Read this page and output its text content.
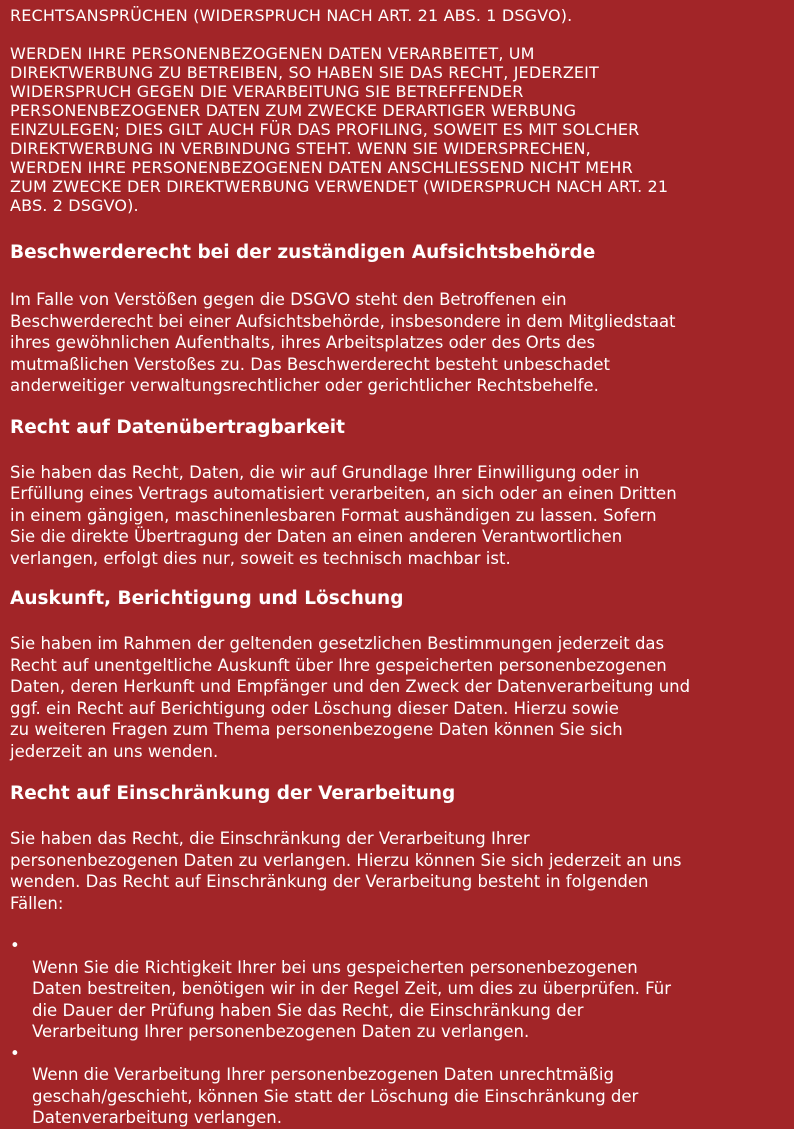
RECHTSANSPRÜCHEN (WIDERSPRUCH NACH ART. 21 ABS. 1 DSGVO).

WERDEN IHRE PERSONENBEZOGENEN DATEN VERARBEITET, UM
DIREKTWERBUNG ZU BETREIBEN, SO HABEN SIE DAS RECHT, JEDERZEIT
WIDERSPRUCH GEGEN DIE VERARBEITUNG SIE BETREFFENDER
PERSONENBEZOGENER DATEN ZUM ZWECKE DERARTIGER WERBUNG
EINZULEGEN; DIES GILT AUCH FÜR DAS PROFILING, SOWEIT ES MIT SOLCHER
DIREKTWERBUNG IN VERBINDUNG STEHT. WENN SIE WIDERSPRECHEN,
WERDEN IHRE PERSONENBEZOGENEN DATEN ANSCHLIESSEND NICHT MEHR
ZUM ZWECKE DER DIREKTWERBUNG VERWENDET (WIDERSPRUCH NACH ART. 21
ABS. 2 DSGVO).

Beschwerderecht bei der zuständigen Aufsichtsbehörde

Im Falle von Verstößen gegen die DSGVO steht den Betroffenen ein
Beschwerderecht bei einer Aufsichtsbehörde, insbesondere in dem Mitgliedstaat
ihres gewöhnlichen Aufenthalts, ihres Arbeitsplatzes oder des Orts des
mutmaßlichen Verstoßes zu. Das Beschwerderecht besteht unbeschadet
anderweitiger verwaltungsrechtlicher oder gerichtlicher Rechtsbehelfe.

Recht auf Datenübertragbarkeit

Sie haben das Recht, Daten, die wir auf Grundlage Ihrer Einwilligung oder in
Erfüllung eines Vertrags automatisiert verarbeiten, an sich oder an einen Dritten
in einem gängigen, maschinenlesbaren Format aushändigen zu lassen. Sofern
Sie die direkte Übertragung der Daten an einen anderen Verantwortlichen
verlangen, erfolgt dies nur, soweit es technisch machbar ist.

Auskunft, Berichtigung und Löschung

Sie haben im Rahmen der geltenden gesetzlichen Bestimmungen jederzeit das
Recht auf unentgeltliche Auskunft über Ihre gespeicherten personenbezogenen
Daten, deren Herkunft und Empfänger und den Zweck der Datenverarbeitung und
ggf. ein Recht auf Berichtigung oder Löschung dieser Daten. Hierzu sowie
zu weiteren Fragen zum Thema personenbezogene Daten können Sie sich
jederzeit an uns wenden.

Recht auf Einschränkung der Verarbeitung

Sie haben das Recht, die Einschränkung der Verarbeitung Ihrer
personenbezogenen Daten zu verlangen. Hierzu können Sie sich jederzeit an uns
wenden. Das Recht auf Einschränkung der Verarbeitung besteht in folgenden
Fällen:

•
Wenn Sie die Richtigkeit Ihrer bei uns gespeicherten personenbezogenen
Daten bestreiten, benötigen wir in der Regel Zeit, um dies zu überprüfen. Für
die Dauer der Prüfung haben Sie das Recht, die Einschränkung der
Verarbeitung Ihrer personenbezogenen Daten zu verlangen.

•
Wenn die Verarbeitung Ihrer personenbezogenen Daten unrechtmäßig
geschah/geschieht, können Sie statt der Löschung die Einschränkung der
Datenverarbeitung verlangen.
